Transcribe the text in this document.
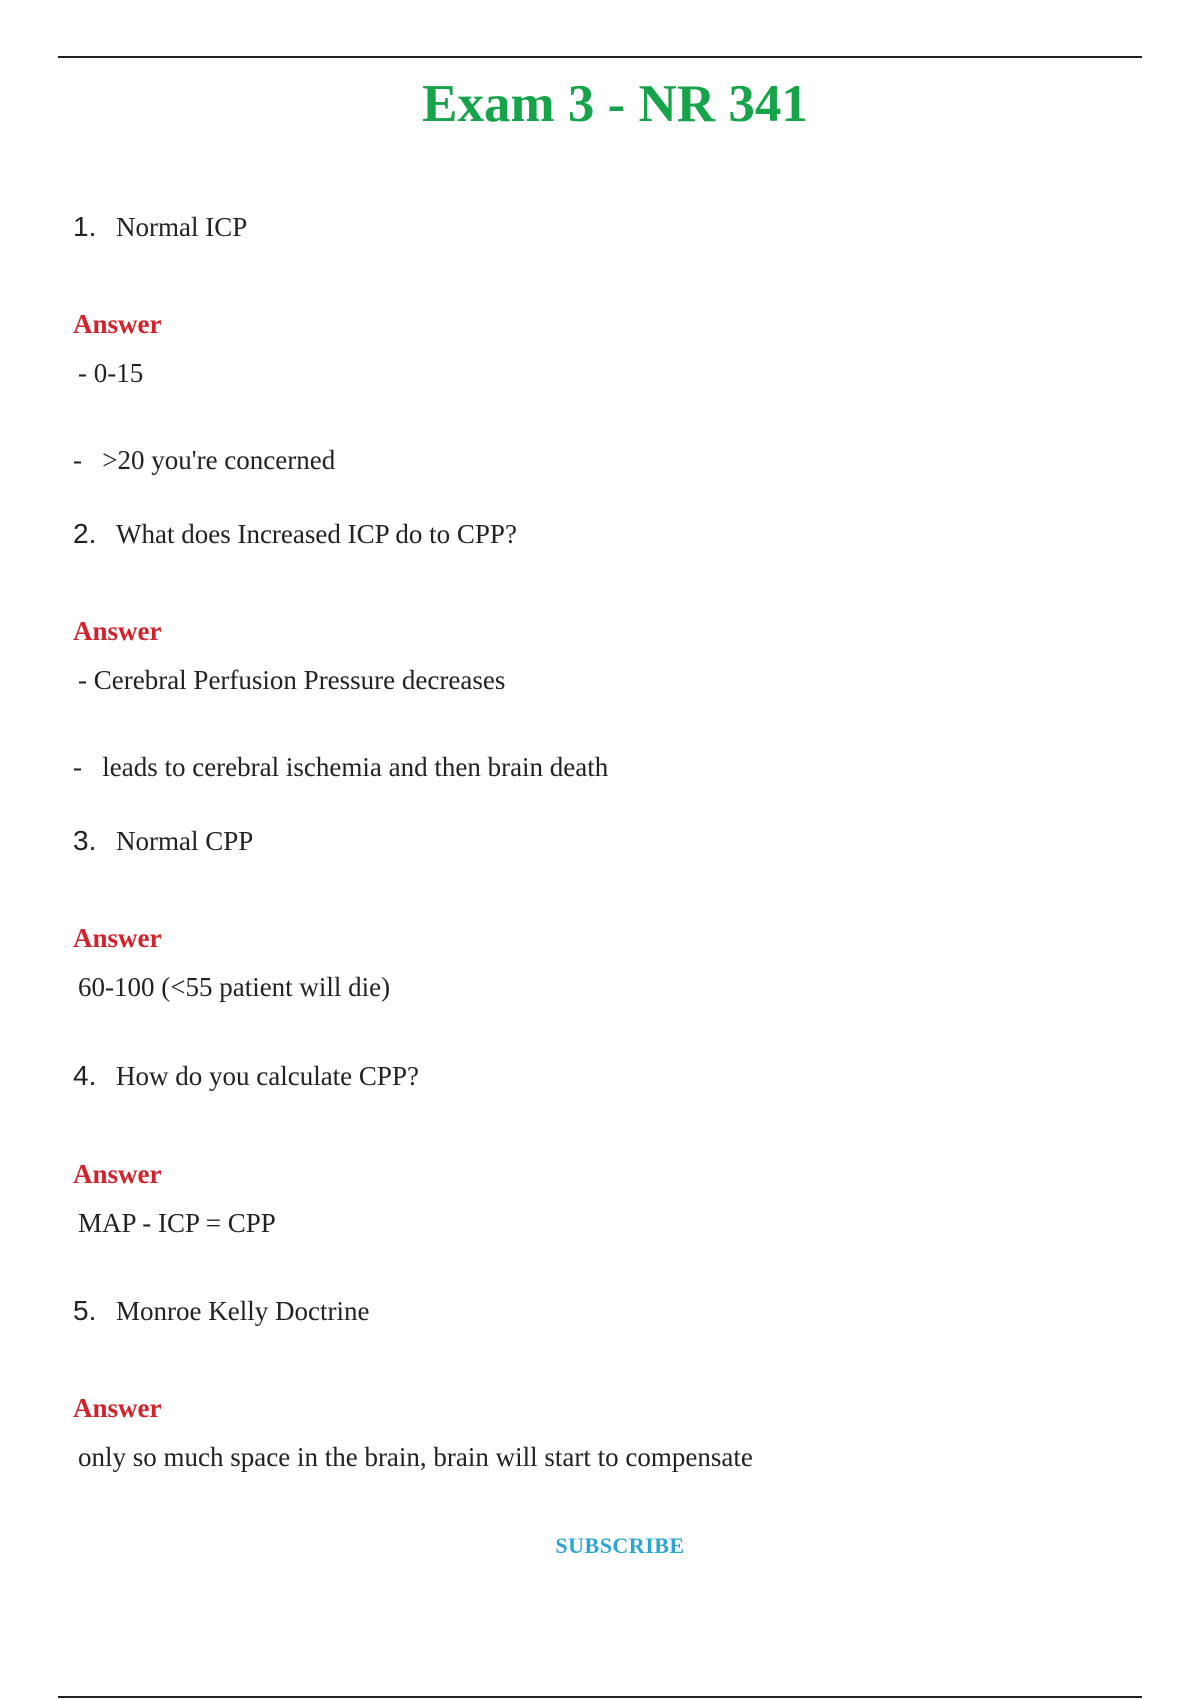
Exam 3 - NR 341
1. Normal ICP
Answer
- 0-15
-   >20 you're concerned
2. What does Increased ICP do to CPP?
Answer
- Cerebral Perfusion Pressure decreases
-   leads to cerebral ischemia and then brain death
3. Normal CPP
Answer
60-100 (<55 patient will die)
4. How do you calculate CPP?
Answer
MAP - ICP = CPP
5. Monroe Kelly Doctrine
Answer
only so much space in the brain, brain will start to compensate
SUBSCRIBE
